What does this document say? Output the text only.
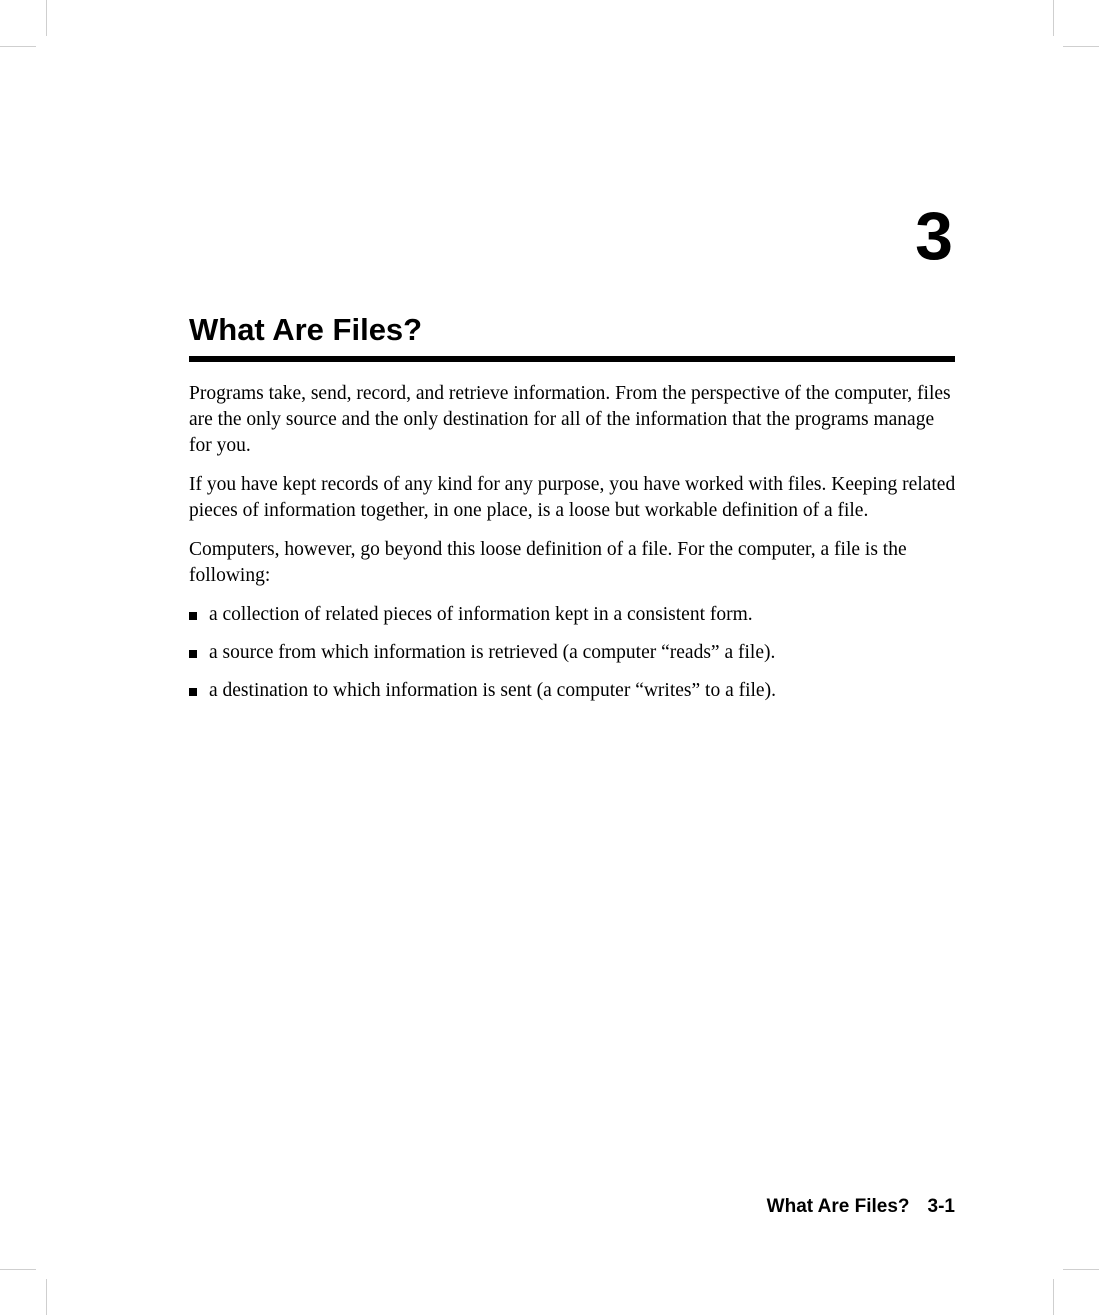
3
What Are Files?

Programs take, send, record, and retrieve information. From the perspective of the computer, files are the only source and the only destination for all of the information that the programs manage for you.

If you have kept records of any kind for any purpose, you have worked with files. Keeping related pieces of information together, in one place, is a loose but workable definition of a file.

Computers, however, go beyond this loose definition of a file. For the computer, a file is the following:

a collection of related pieces of information kept in a consistent form.
a source from which information is retrieved (a computer “reads” a file).
a destination to which information is sent (a computer “writes” to a file).
What Are Files? 3-1
